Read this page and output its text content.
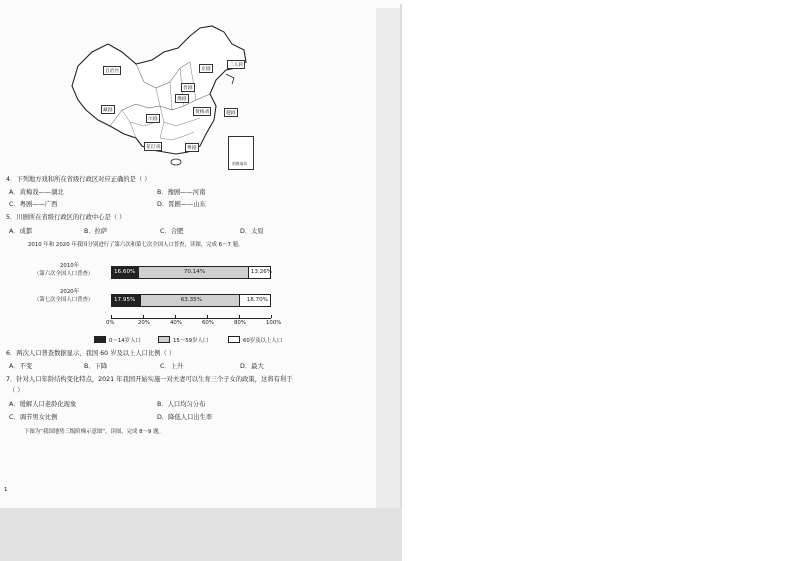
自治区	京剧
黄梅戏	越剧
粤剧
川剧
豫剧
晋剧
二人转
藏剧
花灯戏
南海诸岛
4．下列地方戏和所在省级行政区对应正确的是（ ）
A．黄梅戏——湖北	B．豫剧——河南
C．粤剧——广西	D．晋剧——山东
5．川剧所在省级行政区的行政中心是（ ）
A．成都	B．拉萨	C．合肥	D．太原
2010 年和 2020 年我国分别进行了第六次和第七次全国人口普查，读图，完成 6～7 题。
2010年
（第六次全国人口普查）
2020年
（第七次全国人口普查）
16.60%	70.14%	13.26%
17.95%	63.35%	18.70%
0%	20%	40%	60%	80%	100%
0～14岁人口	15～59岁人口	60岁及以上人口
6．两次人口普查数据显示，我国 60 岁及以上人口比例（ ）
A．不变	B．下降	C．上升	D．最大
7．针对人口年龄结构变化特点，2021 年我国开始实施一对夫妻可以生育三个子女的政策，这将有利于
（ ）
A．缓解人口老龄化现象	B．人口均匀分布
C．调节男女比例	D．降低人口出生率
下图为“我国地势三级阶梯示意图”。读图，完成 8～9 题。
1
